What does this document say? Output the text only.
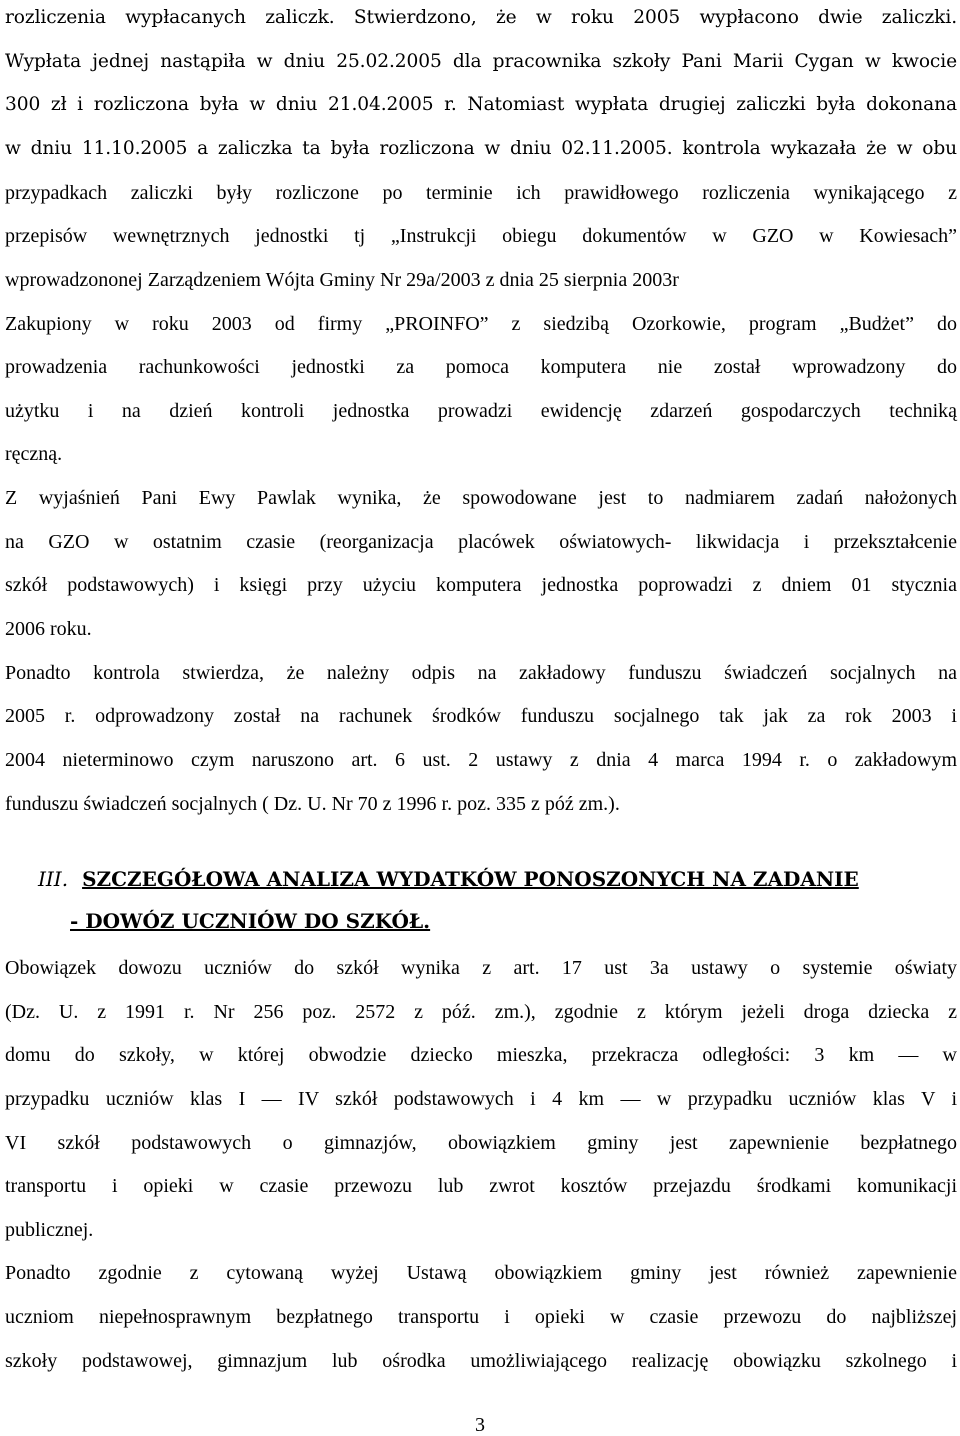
rozliczenia wypłacanych zaliczk. Stwierdzono, że w roku 2005 wypłacono dwie zaliczki.
Wypłata jednej nastąpiła w dniu 25.02.2005 dla pracownika szkoły Pani Marii Cygan w kwocie
300 zł i rozliczona była w dniu 21.04.2005 r. Natomiast wypłata drugiej zaliczki była dokonana
w dniu 11.10.2005 a zaliczka ta była rozliczona w dniu 02.11.2005. kontrola wykazała że w obu
przypadkach zaliczki były rozliczone po terminie ich prawidłowego rozliczenia wynikającego z
przepisów wewnętrznych jednostki tj „Instrukcji obiegu dokumentów w GZO w Kowiesach”
wprowadzononej Zarządzeniem Wójta Gminy Nr 29a/2003 z dnia 25 sierpnia 2003r
Zakupiony w roku 2003 od firmy „PROINFO” z siedzibą Ozorkowie, program „Budżet” do
prowadzenia rachunkowości jednostki za pomoca komputera nie został wprowadzony do
użytku i na dzień kontroli jednostka prowadzi ewidencję zdarzeń gospodarczych techniką
ręczną.
Z wyjaśnień Pani Ewy Pawlak wynika, że spowodowane jest to nadmiarem zadań nałożonych
na GZO w ostatnim czasie (reorganizacja placówek oświatowych- likwidacja i przekształcenie
szkół podstawowych) i księgi przy użyciu komputera jednostka poprowadzi z dniem 01 stycznia
2006 roku.
Ponadto kontrola stwierdza, że należny odpis na zakładowy funduszu świadczeń socjalnych na
2005 r. odprowadzony został na rachunek środków funduszu socjalnego tak jak za rok 2003 i
2004 nieterminowo czym naruszono art. 6 ust. 2 ustawy z dnia 4 marca 1994 r. o zakładowym
funduszu świadczeń socjalnych ( Dz. U. Nr 70 z 1996 r. poz. 335 z póź zm.).
III. SZCZEGÓŁOWA ANALIZA WYDATKÓW PONOSZONYCH NA ZADANIE
- DOWÓZ UCZNIÓW DO SZKÓŁ.
Obowiązek dowozu uczniów do szkół wynika z art. 17 ust 3a ustawy o systemie oświaty
(Dz. U. z 1991 r. Nr 256 poz. 2572 z póź. zm.), zgodnie z którym jeżeli droga dziecka z
domu do szkoły, w której obwodzie dziecko mieszka, przekracza odległości: 3 km — w
przypadku uczniów klas I — IV szkół podstawowych i 4 km — w przypadku uczniów klas V i
VI szkół podstawowych o gimnazjów, obowiązkiem gminy jest zapewnienie bezpłatnego
transportu i opieki w czasie przewozu lub zwrot kosztów przejazdu środkami komunikacji
publicznej.
Ponadto zgodnie z cytowaną wyżej Ustawą obowiązkiem gminy jest również zapewnienie
uczniom niepełnosprawnym bezpłatnego transportu i opieki w czasie przewozu do najbliższej
szkoły podstawowej, gimnazjum lub ośrodka umożliwiającego realizację obowiązku szkolnego i
3
